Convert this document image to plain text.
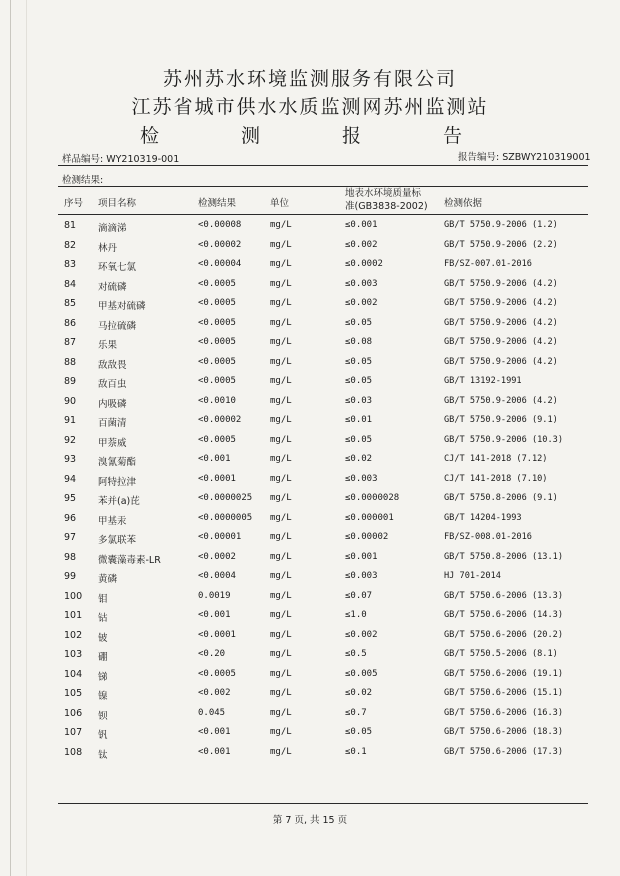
苏州苏水环境监测服务有限公司
江苏省城市供水水质监测网苏州监测站
检 测 报 告
样品编号: WY210319-001	报告编号: SZBWY210319001
检测结果:
序号 项目名称	检测结果	单位
地表水环境质量标
准(GB3838-2002) 检测依据
81 滴滴涕	<0.00008	mg/L	≤0.001	GB/T 5750.9-2006 (1.2)
82 林丹	<0.00002	mg/L	≤0.002	GB/T 5750.9-2006 (2.2)
83 环氧七氯	<0.00004	mg/L	≤0.0002	FB/SZ-007.01-2016
84 对硫磷	<0.0005	mg/L	≤0.003	GB/T 5750.9-2006 (4.2)
85 甲基对硫磷	<0.0005	mg/L	≤0.002	GB/T 5750.9-2006 (4.2)
86 马拉硫磷	<0.0005	mg/L	≤0.05	GB/T 5750.9-2006 (4.2)
87 乐果	<0.0005	mg/L	≤0.08	GB/T 5750.9-2006 (4.2)
88 敌敌畏	<0.0005	mg/L	≤0.05	GB/T 5750.9-2006 (4.2)
89 敌百虫	<0.0005	mg/L	≤0.05	GB/T 13192-1991
90 内吸磷	<0.0010	mg/L	≤0.03	GB/T 5750.9-2006 (4.2)
91 百菌清	<0.00002	mg/L	≤0.01	GB/T 5750.9-2006 (9.1)
92 甲萘威	<0.0005	mg/L	≤0.05	GB/T 5750.9-2006 (10.3)
93 溴氰菊酯	<0.001	mg/L	≤0.02	CJ/T 141-2018 (7.12)
94 阿特拉津	<0.0001	mg/L	≤0.003	CJ/T 141-2018 (7.10)
95 苯并(a)芘	<0.0000025 mg/L	≤0.0000028	GB/T 5750.8-2006 (9.1)
96 甲基汞	<0.0000005 mg/L	≤0.000001	GB/T 14204-1993
97 多氯联苯	<0.00001	mg/L	≤0.00002	FB/SZ-008.01-2016
98 微囊藻毒素-LR	<0.0002	mg/L	≤0.001	GB/T 5750.8-2006 (13.1)
99 黄磷	<0.0004	mg/L	≤0.003	HJ 701-2014
100 钼	0.0019	mg/L	≤0.07	GB/T 5750.6-2006 (13.3)
101 钴	<0.001	mg/L	≤1.0	GB/T 5750.6-2006 (14.3)
102 铍	<0.0001	mg/L	≤0.002	GB/T 5750.6-2006 (20.2)
103 硼	<0.20	mg/L	≤0.5	GB/T 5750.5-2006 (8.1)
104 锑	<0.0005	mg/L	≤0.005	GB/T 5750.6-2006 (19.1)
105 镍	<0.002	mg/L	≤0.02	GB/T 5750.6-2006 (15.1)
106 钡	0.045	mg/L	≤0.7	GB/T 5750.6-2006 (16.3)
107 钒	<0.001	mg/L	≤0.05	GB/T 5750.6-2006 (18.3)
108 钛	<0.001	mg/L	≤0.1	GB/T 5750.6-2006 (17.3)
第 7 页, 共 15 页
